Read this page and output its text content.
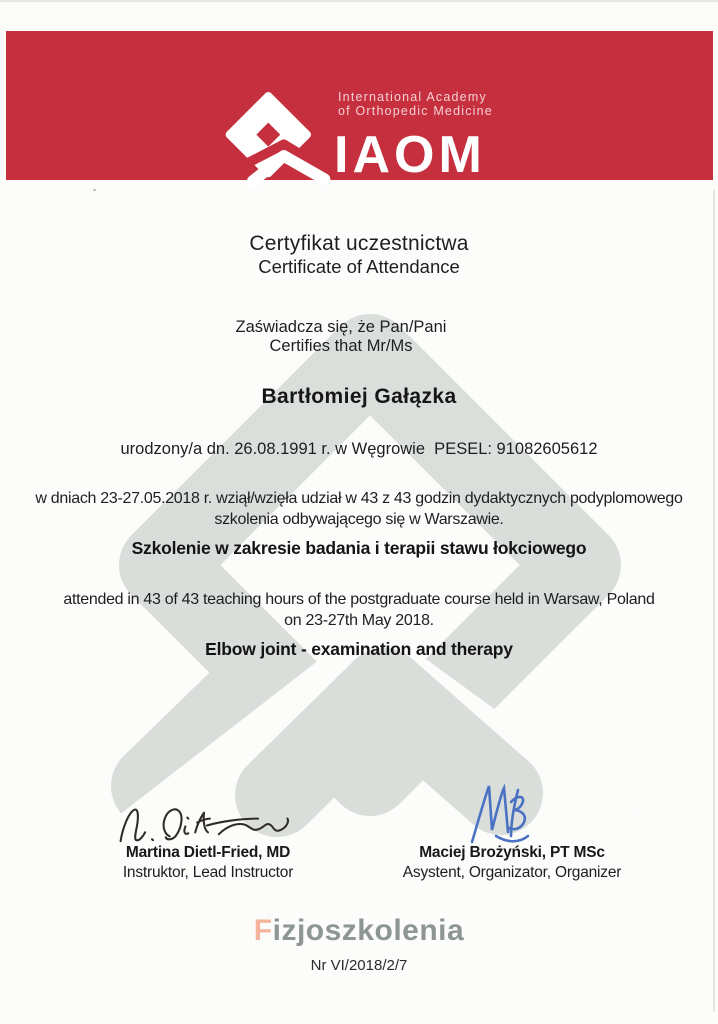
International Academy
of Orthopedic Medicine
IAOM
Certyfikat uczestnictwa
Certificate of Attendance
Zaświadcza się, że Pan/Pani
Certifies that Mr/Ms
Bartłomiej Gałązka
urodzony/a dn. 26.08.1991 r. w Węgrowie  PESEL: 91082605612
w dniach 23-27.05.2018 r. wziął/wzięła udział w 43 z 43 godzin dydaktycznych podyplomowego
szkolenia odbywającego się w Warszawie.
Szkolenie w zakresie badania i terapii stawu łokciowego
attended in 43 of 43 teaching hours of the postgraduate course held in Warsaw, Poland
on 23-27th May 2018.
Elbow joint - examination and therapy
Martina Dietl-Fried, MD
Instruktor, Lead Instructor
Maciej Brożyński, PT MSc
Asystent, Organizator, Organizer
Fizjoszkolenia
Nr VI/2018/2/7
